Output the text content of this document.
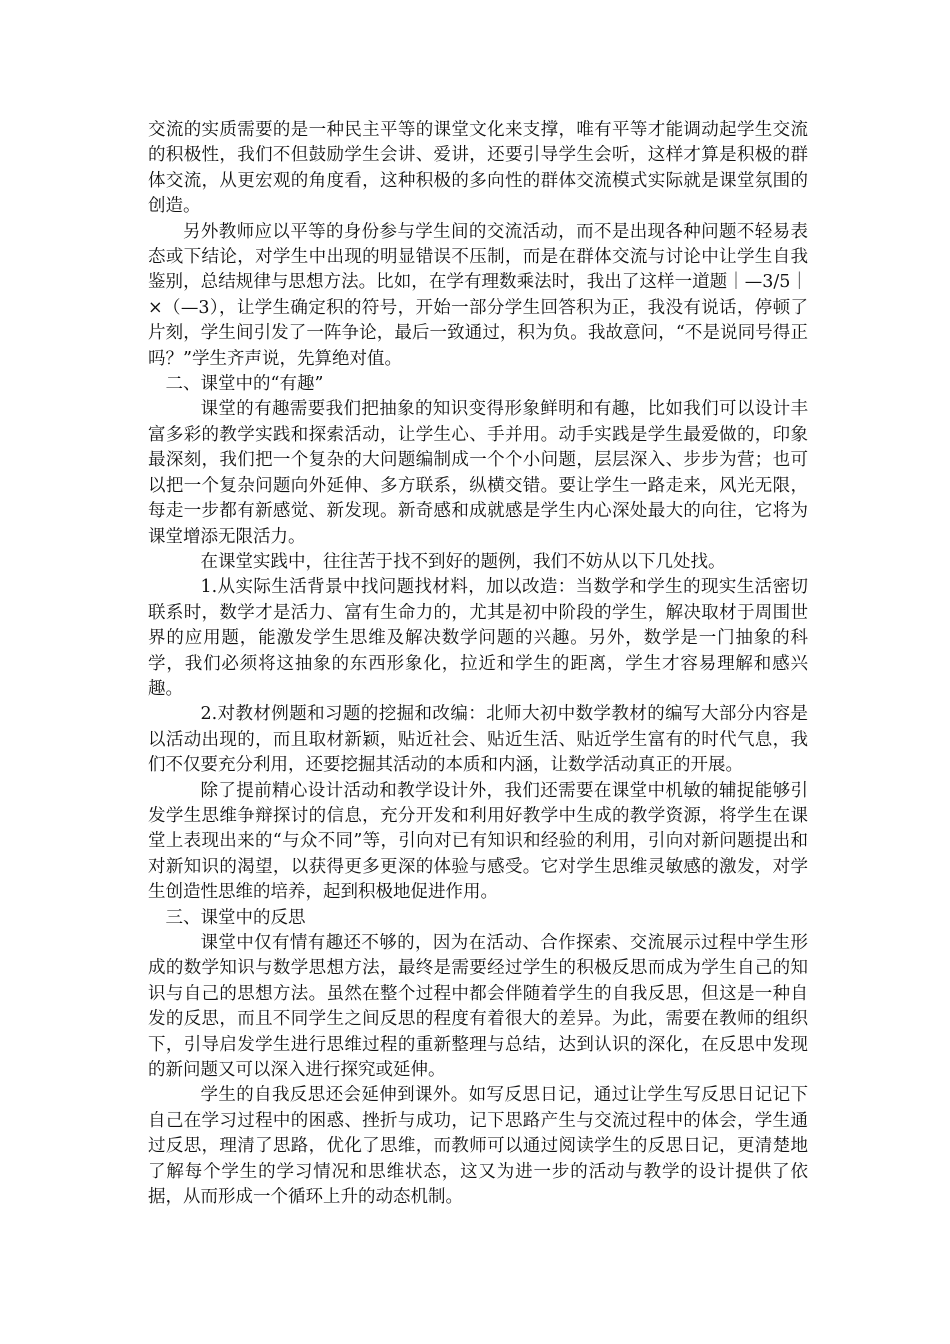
交流的实质需要的是一种民主平等的课堂文化来支撑，唯有平等才能调动起学生交流的积极性，我们不但鼓励学生会讲、爱讲，还要引导学生会听，这样才算是积极的群体交流，从更宏观的角度看，这种积极的多向性的群体交流模式实际就是课堂氛围的创造。

另外教师应以平等的身份参与学生间的交流活动，而不是出现各种问题不轻易表态或下结论，对学生中出现的明显错误不压制，而是在群体交流与讨论中让学生自我鉴别，总结规律与思想方法。比如，在学有理数乘法时，我出了这样一道题｜—3/5｜×（—3），让学生确定积的符号，开始一部分学生回答积为正，我没有说话，停顿了片刻，学生间引发了一阵争论，最后一致通过，积为负。我故意问，“不是说同号得正吗？”学生齐声说，先算绝对值。

二、课堂中的“有趣”

课堂的有趣需要我们把抽象的知识变得形象鲜明和有趣，比如我们可以设计丰富多彩的教学实践和探索活动，让学生心、手并用。动手实践是学生最爱做的，印象最深刻，我们把一个复杂的大问题编制成一个个小问题，层层深入、步步为营；也可以把一个复杂问题向外延伸、多方联系，纵横交错。要让学生一路走来，风光无限，每走一步都有新感觉、新发现。新奇感和成就感是学生内心深处最大的向往，它将为课堂增添无限活力。

在课堂实践中，往往苦于找不到好的题例，我们不妨从以下几处找。

1.从实际生活背景中找问题找材料，加以改造：当数学和学生的现实生活密切联系时，数学才是活力、富有生命力的，尤其是初中阶段的学生，解决取材于周围世界的应用题，能激发学生思维及解决数学问题的兴趣。另外，数学是一门抽象的科学，我们必须将这抽象的东西形象化，拉近和学生的距离，学生才容易理解和感兴趣。

2.对教材例题和习题的挖掘和改编：北师大初中数学教材的编写大部分内容是以活动出现的，而且取材新颖，贴近社会、贴近生活、贴近学生富有的时代气息，我们不仅要充分利用，还要挖掘其活动的本质和内涵，让数学活动真正的开展。

除了提前精心设计活动和教学设计外，我们还需要在课堂中机敏的辅捉能够引发学生思维争辩探讨的信息，充分开发和利用好教学中生成的教学资源，将学生在课堂上表现出来的“与众不同”等，引向对已有知识和经验的利用，引向对新问题提出和对新知识的渴望，以获得更多更深的体验与感受。它对学生思维灵敏感的激发，对学生创造性思维的培养，起到积极地促进作用。

三、课堂中的反思

课堂中仅有情有趣还不够的，因为在活动、合作探索、交流展示过程中学生形成的数学知识与数学思想方法，最终是需要经过学生的积极反思而成为学生自己的知识与自己的思想方法。虽然在整个过程中都会伴随着学生的自我反思，但这是一种自发的反思，而且不同学生之间反思的程度有着很大的差异。为此，需要在教师的组织下，引导启发学生进行思维过程的重新整理与总结，达到认识的深化，在反思中发现的新问题又可以深入进行探究或延伸。

学生的自我反思还会延伸到课外。如写反思日记，通过让学生写反思日记记下自己在学习过程中的困惑、挫折与成功，记下思路产生与交流过程中的体会，学生通过反思，理清了思路，优化了思维，而教师可以通过阅读学生的反思日记，更清楚地了解每个学生的学习情况和思维状态，这又为进一步的活动与教学的设计提供了依据，从而形成一个循环上升的动态机制。
